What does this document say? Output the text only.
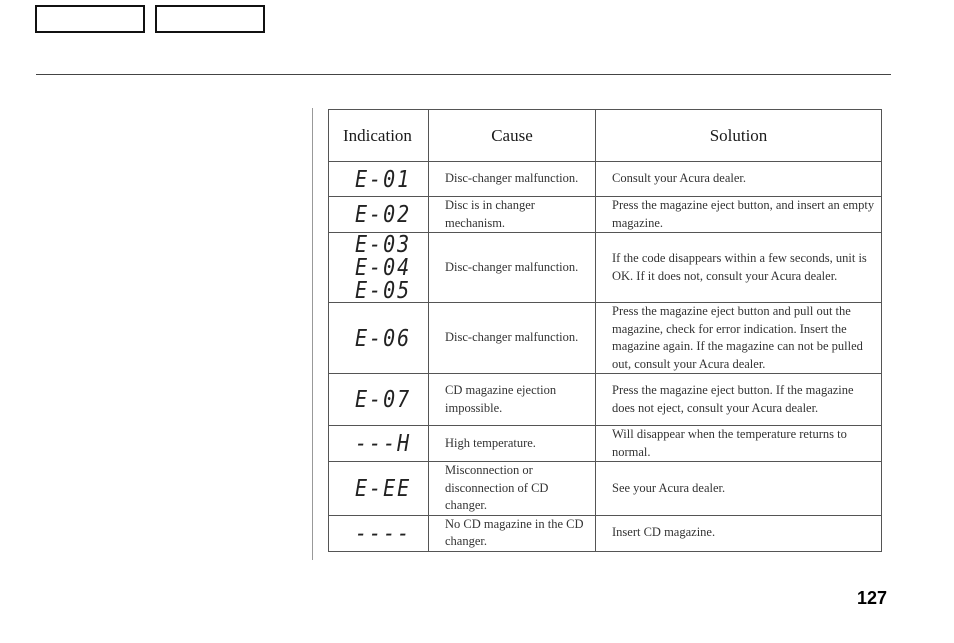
Indication	Cause	Solution
E-01	Disc-changer malfunction.	Consult your Acura dealer.
E-02	Disc is in changer mechanism.	Press the magazine eject button, and insert an empty magazine.

E-03
E-04
E-05	Disc-changer malfunction.	If the code disappears within a few seconds, unit is OK. If it does not, consult your Acura dealer.
E-06	Disc-changer malfunction.	Press the magazine eject button and pull out the magazine, check for error indication. Insert the magazine again. If the magazine can not be pulled out, consult your Acura dealer.
E-07	CD magazine ejection impossible.	Press the magazine eject button. If the magazine does not eject, consult your Acura dealer.
---H	High temperature.	Will disappear when the temperature returns to normal.
E-EE	Misconnection or disconnection of CD changer.	See your Acura dealer.
----	No CD magazine in the CD changer.	Insert CD magazine.
127
